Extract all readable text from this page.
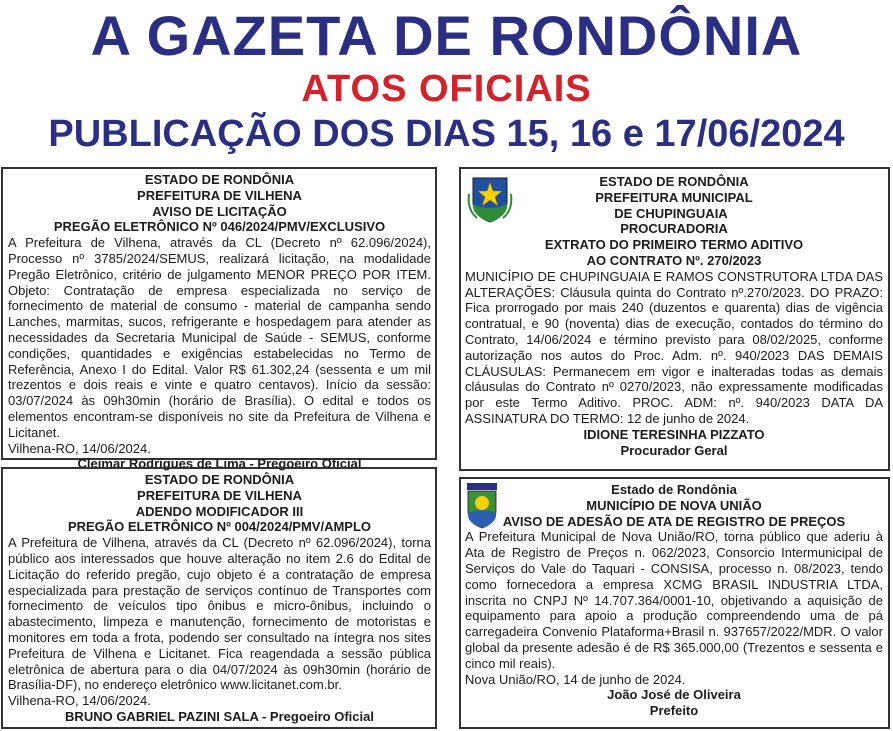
A GAZETA DE RONDÔNIA
ATOS OFICIAIS
PUBLICAÇÃO DOS DIAS 15, 16 e 17/06/2024
ESTADO DE RONDÔNIA
PREFEITURA DE VILHENA
AVISO DE LICITAÇÃO
PREGÃO ELETRÔNICO Nº 046/2024/PMV/EXCLUSIVO
A Prefeitura de Vilhena, através da CL (Decreto nº 62.096/2024), Processo nº 3785/2024/SEMUS, realizará licitação, na modalidade Pregão Eletrônico, critério de julgamento MENOR PREÇO POR ITEM. Objeto: Contratação de empresa especializada no serviço de fornecimento de material de consumo - material de campanha sendo Lanches, marmitas, sucos, refrigerante e hospedagem para atender as necessidades da Secretaria Municipal de Saúde - SEMUS, conforme condições, quantidades e exigências estabelecidas no Termo de Referência, Anexo I do Edital. Valor R$ 61.302,24 (sessenta e um mil trezentos e dois reais e vinte e quatro centavos). Início da sessão: 03/07/2024 às 09h30min (horário de Brasília). O edital e todos os elementos encontram-se disponíveis no site da Prefeitura de Vilhena e Licitanet.
Vilhena-RO, 14/06/2024.
Cleimar Rodrigues de Lima - Pregoeiro Oficial
ESTADO DE RONDÔNIA
PREFEITURA DE VILHENA
ADENDO MODIFICADOR III
PREGÃO ELETRÔNICO Nº 004/2024/PMV/AMPLO
A Prefeitura de Vilhena, através da CL (Decreto nº 62.096/2024), torna público aos interessados que houve alteração no item 2.6 do Edital de Licitação do referido pregão, cujo objeto é a contratação de empresa especializada para prestação de serviços contínuo de Transportes com fornecimento de veículos tipo ônibus e micro-ônibus, incluindo o abastecimento, limpeza e manutenção, fornecimento de motoristas e monitores em toda a frota, podendo ser consultado na íntegra nos sites Prefeitura de Vilhena e Licitanet. Fica reagendada a sessão pública eletrônica de abertura para o dia 04/07/2024 às 09h30min (horário de Brasília-DF), no endereço eletrônico www.licitanet.com.br.
Vilhena-RO, 14/06/2024.
BRUNO GABRIEL PAZINI SALA - Pregoeiro Oficial
ESTADO DE RONDÔNIA
PREFEITURA MUNICIPAL
DE CHUPINGUAIA
PROCURADORIA
EXTRATO DO PRIMEIRO TERMO ADITIVO
AO CONTRATO Nº. 270/2023
MUNICÍPIO DE CHUPINGUAIA E RAMOS CONSTRUTORA LTDA DAS ALTERAÇÕES: Cláusula quinta do Contrato nº.270/2023. DO PRAZO: Fica prorrogado por mais 240 (duzentos e quarenta) dias de vigência contratual, e 90 (noventa) dias de execução, contados do término do Contrato, 14/06/2024 e término previsto para 08/02/2025, conforme autorização nos autos do Proc. Adm. nº. 940/2023 DAS DEMAIS CLÁUSULAS: Permanecem em vigor e inalteradas todas as demais cláusulas do Contrato nº 0270/2023, não expressamente modificadas por este Termo Aditivo. PROC. ADM: nº. 940/2023 DATA DA ASSINATURA DO TERMO: 12 de junho de 2024.
IDIONE TERESINHA PIZZATO
Procurador Geral
Estado de Rondônia
MUNICÍPIO DE NOVA UNIÃO
AVISO DE ADESÃO DE ATA DE REGISTRO DE PREÇOS
A Prefeitura Municipal de Nova União/RO, torna público que aderiu à Ata de Registro de Preços n. 062/2023, Consorcio Intermunicipal de Serviços do Vale do Taquari - CONSISA, processo n. 08/2023, tendo como fornecedora a empresa XCMG BRASIL INDUSTRIA LTDA, inscrita no CNPJ Nº 14.707.364/0001-10, objetivando a aquisição de equipamento para apoio a produção compreendendo uma de pá carregadeira Convenio Plataforma+Brasil n. 937657/2022/MDR. O valor global da presente adesão é de R$ 365.000,00 (Trezentos e sessenta e cinco mil reais).
Nova União/RO, 14 de junho de 2024.
João José de Oliveira
Prefeito
